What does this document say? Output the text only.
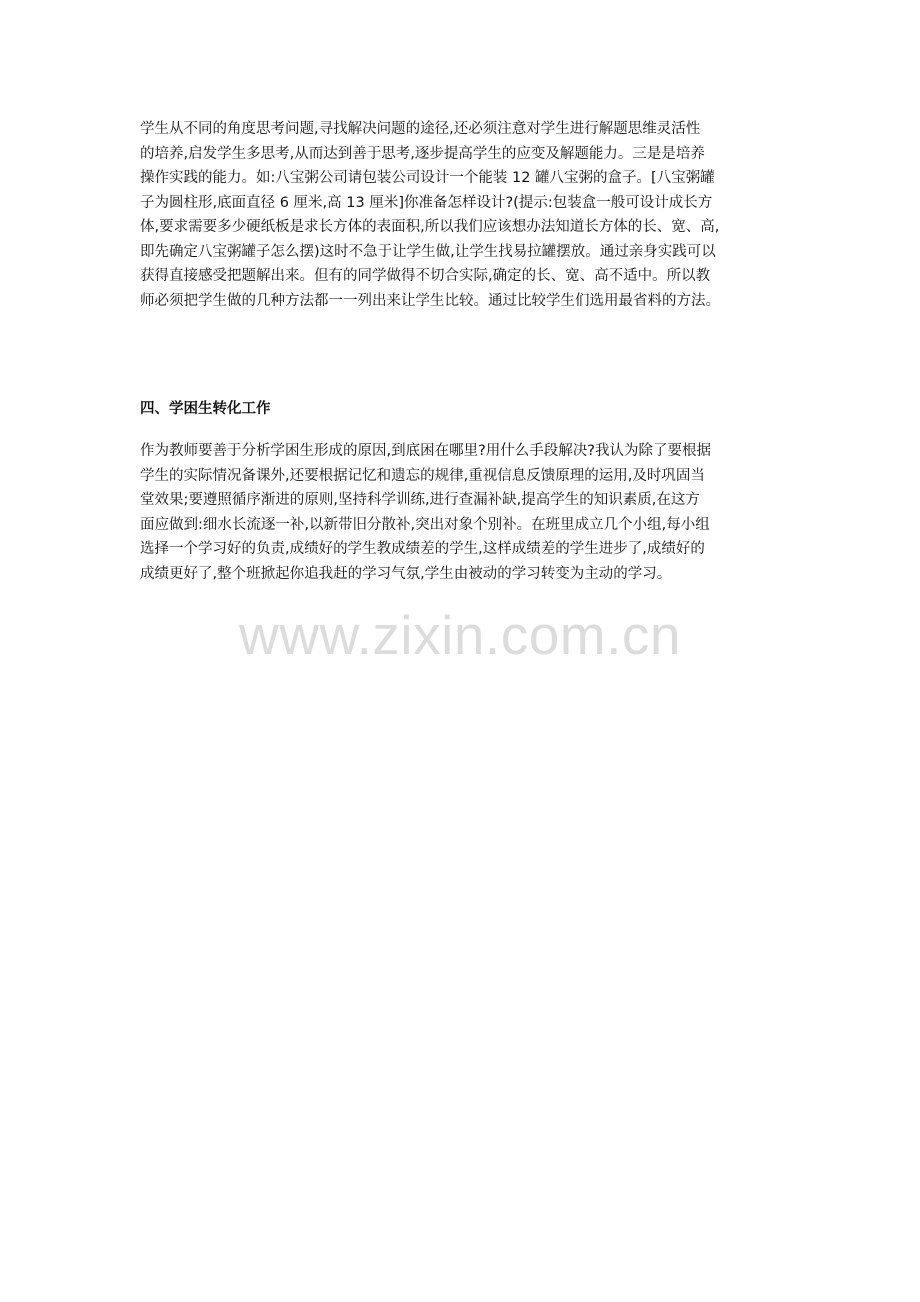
学生从不同的角度思考问题,寻找解决问题的途径,还必须注意对学生进行解题思维灵活性
的培养,启发学生多思考,从而达到善于思考,逐步提高学生的应变及解题能力。三是是培养
操作实践的能力。如:八宝粥公司请包装公司设计一个能装 12 罐八宝粥的盒子。[八宝粥罐
子为圆柱形,底面直径 6 厘米,高 13 厘米]你准备怎样设计?(提示:包装盒一般可设计成长方
体,要求需要多少硬纸板是求长方体的表面积,所以我们应该想办法知道长方体的长、宽、高,
即先确定八宝粥罐子怎么摆)这时不急于让学生做,让学生找易拉罐摆放。通过亲身实践可以
获得直接感受把题解出来。但有的同学做得不切合实际,确定的长、宽、高不适中。所以教
师必须把学生做的几种方法都一一列出来让学生比较。通过比较学生们选用最省料的方法。

四、学困生转化工作

作为教师要善于分析学困生形成的原因,到底困在哪里?用什么手段解决?我认为除了要根据
学生的实际情况备课外,还要根据记忆和遗忘的规律,重视信息反馈原理的运用,及时巩固当
堂效果;要遵照循序渐进的原则,坚持科学训练,进行查漏补缺,提高学生的知识素质,在这方
面应做到:细水长流逐一补,以新带旧分散补,突出对象个别补。在班里成立几个小组,每小组
选择一个学习好的负责,成绩好的学生教成绩差的学生,这样成绩差的学生进步了,成绩好的
成绩更好了,整个班掀起你追我赶的学习气氛,学生由被动的学习转变为主动的学习。

www.zixin.com.cn
